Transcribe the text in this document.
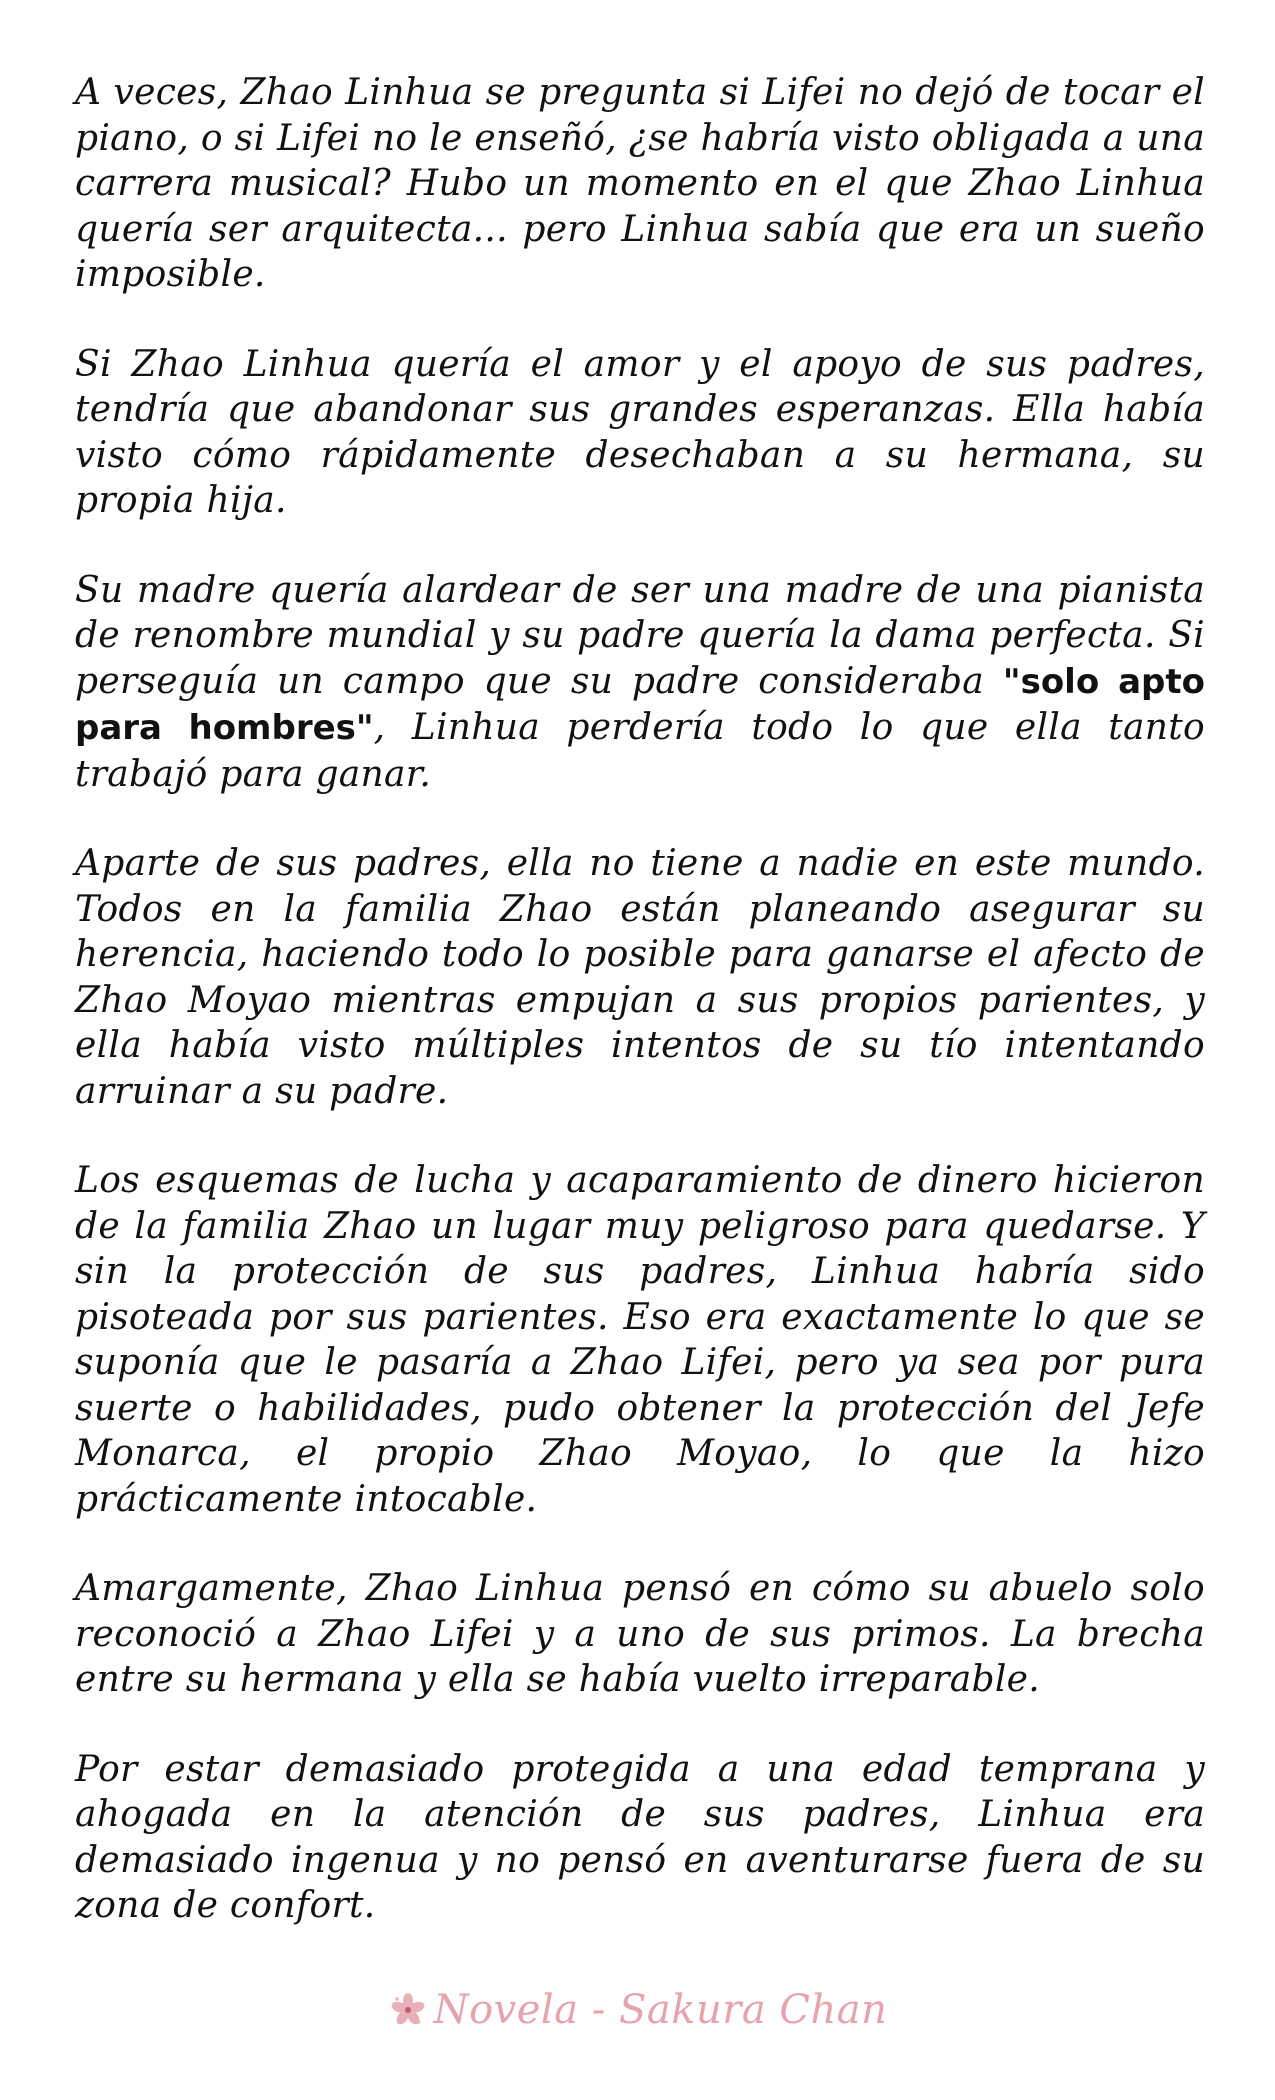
A veces, Zhao Linhua se pregunta si Lifei no dejó de tocar el piano, o si Lifei no le enseñó, ¿se habría visto obligada a una carrera musical? Hubo un momento en el que Zhao Linhua quería ser arquitecta... pero Linhua sabía que era un sueño imposible.

Si Zhao Linhua quería el amor y el apoyo de sus padres, tendría que abandonar sus grandes esperanzas. Ella había visto cómo rápidamente desechaban a su hermana, su propia hija.

Su madre quería alardear de ser una madre de una pianista de renombre mundial y su padre quería la dama perfecta. Si perseguía un campo que su padre consideraba "solo apto para hombres", Linhua perdería todo lo que ella tanto trabajó para ganar.

Aparte de sus padres, ella no tiene a nadie en este mundo. Todos en la familia Zhao están planeando asegurar su herencia, haciendo todo lo posible para ganarse el afecto de Zhao Moyao mientras empujan a sus propios parientes, y ella había visto múltiples intentos de su tío intentando arruinar a su padre.

Los esquemas de lucha y acaparamiento de dinero hicieron de la familia Zhao un lugar muy peligroso para quedarse. Y sin la protección de sus padres, Linhua habría sido pisoteada por sus parientes. Eso era exactamente lo que se suponía que le pasaría a Zhao Lifei, pero ya sea por pura suerte o habilidades, pudo obtener la protección del Jefe Monarca, el propio Zhao Moyao, lo que la hizo prácticamente intocable.

Amargamente, Zhao Linhua pensó en cómo su abuelo solo reconoció a Zhao Lifei y a uno de sus primos. La brecha entre su hermana y ella se había vuelto irreparable.

Por estar demasiado protegida a una edad temprana y ahogada en la atención de sus padres, Linhua era demasiado ingenua y no pensó en aventurarse fuera de su zona de confort.

Novela - Sakura Chan
